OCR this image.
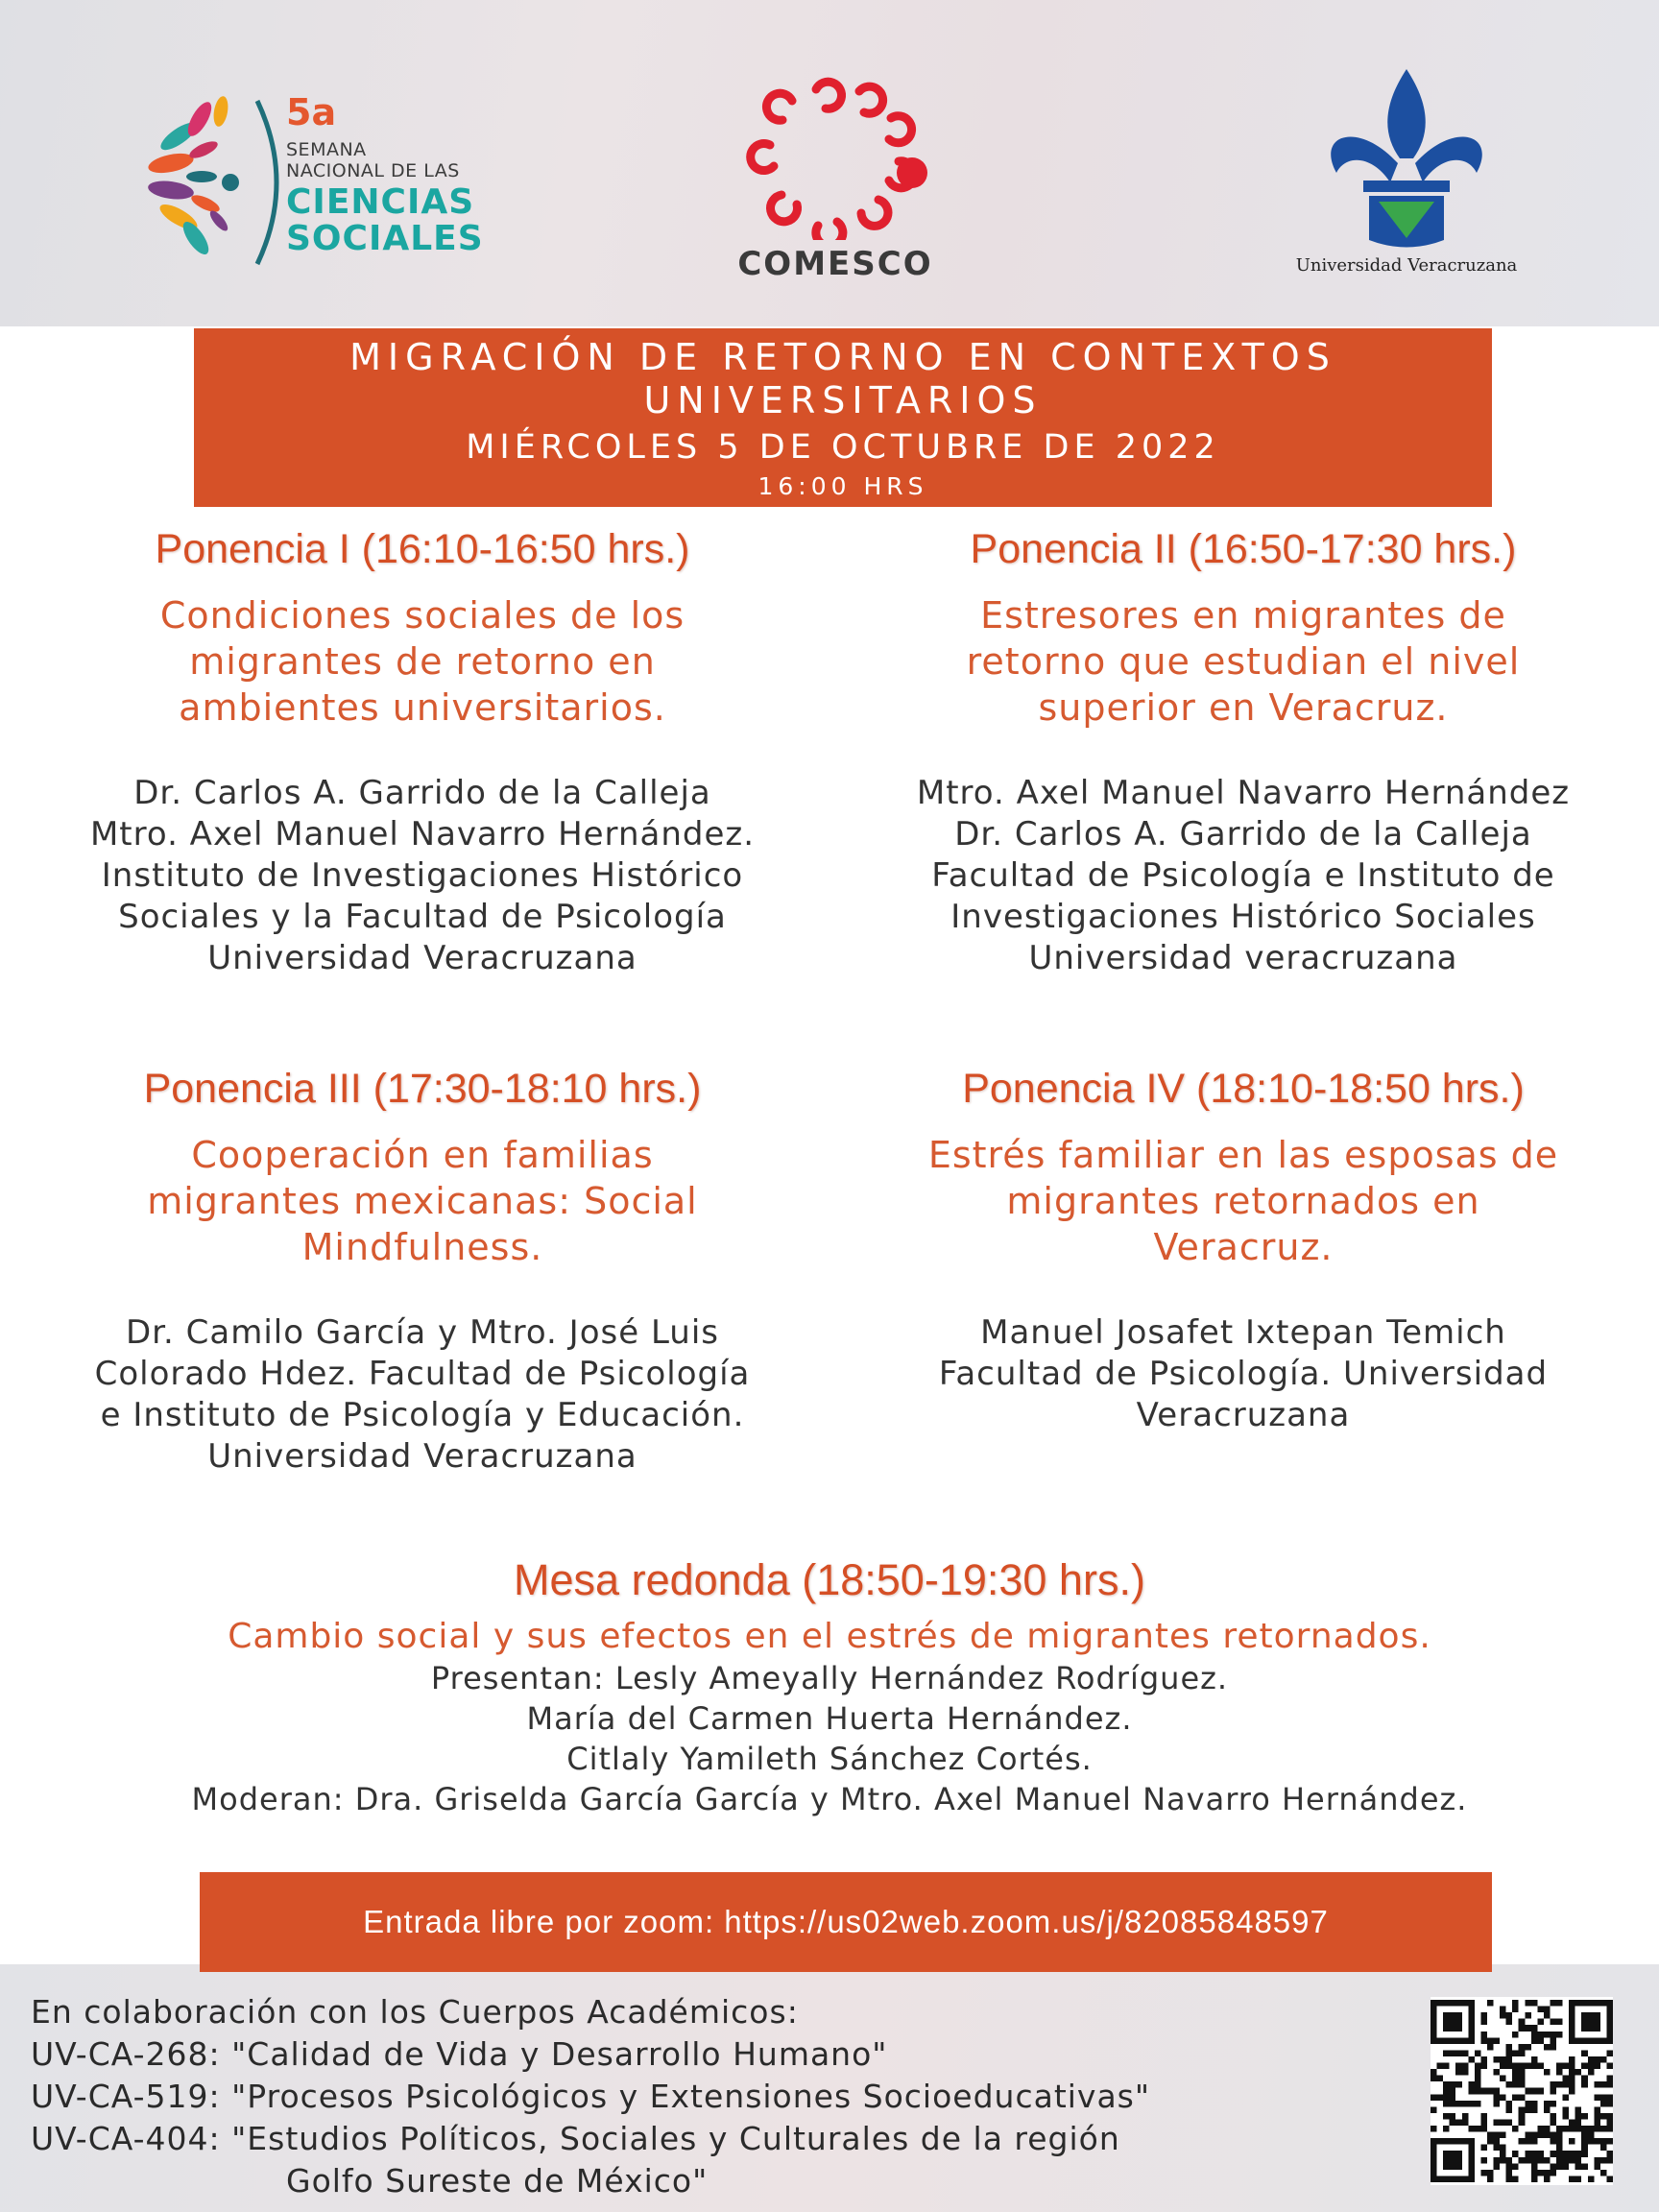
5a
SEMANA
NACIONAL DE LAS
CIENCIAS
SOCIALES
COMESCO	Universidad Veracruzana
MIGRACIÓN DE RETORNO EN CONTEXTOS
UNIVERSITARIOS
MIÉRCOLES 5 DE OCTUBRE DE 2022
16:00 HRS
Ponencia I (16:10-16:50 hrs.)
Condiciones sociales de los
migrantes de retorno en
ambientes universitarios.
Dr. Carlos A. Garrido de la Calleja
Mtro. Axel Manuel Navarro Hernández.
Instituto de Investigaciones Histórico
Sociales y la Facultad de Psicología
Universidad Veracruzana
Ponencia II (16:50-17:30 hrs.)
Estresores en migrantes de
retorno que estudian el nivel
superior en Veracruz.
Mtro. Axel Manuel Navarro Hernández
Dr. Carlos A. Garrido de la Calleja
Facultad de Psicología e Instituto de
Investigaciones Histórico Sociales
Universidad veracruzana
Ponencia III (17:30-18:10 hrs.)
Cooperación en familias
migrantes mexicanas: Social
Mindfulness.
Dr. Camilo García y Mtro. José Luis
Colorado Hdez. Facultad de Psicología
e Instituto de Psicología y Educación.
Universidad Veracruzana
Ponencia IV (18:10-18:50 hrs.)
Estrés familiar en las esposas de
migrantes retornados en
Veracruz.
Manuel Josafet Ixtepan Temich
Facultad de Psicología. Universidad
Veracruzana
Mesa redonda (18:50-19:30 hrs.)
Cambio social y sus efectos en el estrés de migrantes retornados.
Presentan: Lesly Ameyally Hernández Rodríguez.
María del Carmen Huerta Hernández.
Citlaly Yamileth Sánchez Cortés.
Moderan: Dra. Griselda García García y Mtro. Axel Manuel Navarro Hernández.
Entrada libre por zoom: https://us02web.zoom.us/j/82085848597
En colaboración con los Cuerpos Académicos:
UV-CA-268: "Calidad de Vida y Desarrollo Humano"
UV-CA-519: "Procesos Psicológicos y Extensiones Socioeducativas"
UV-CA-404: "Estudios Políticos, Sociales y Culturales de la región
Golfo Sureste de México"
